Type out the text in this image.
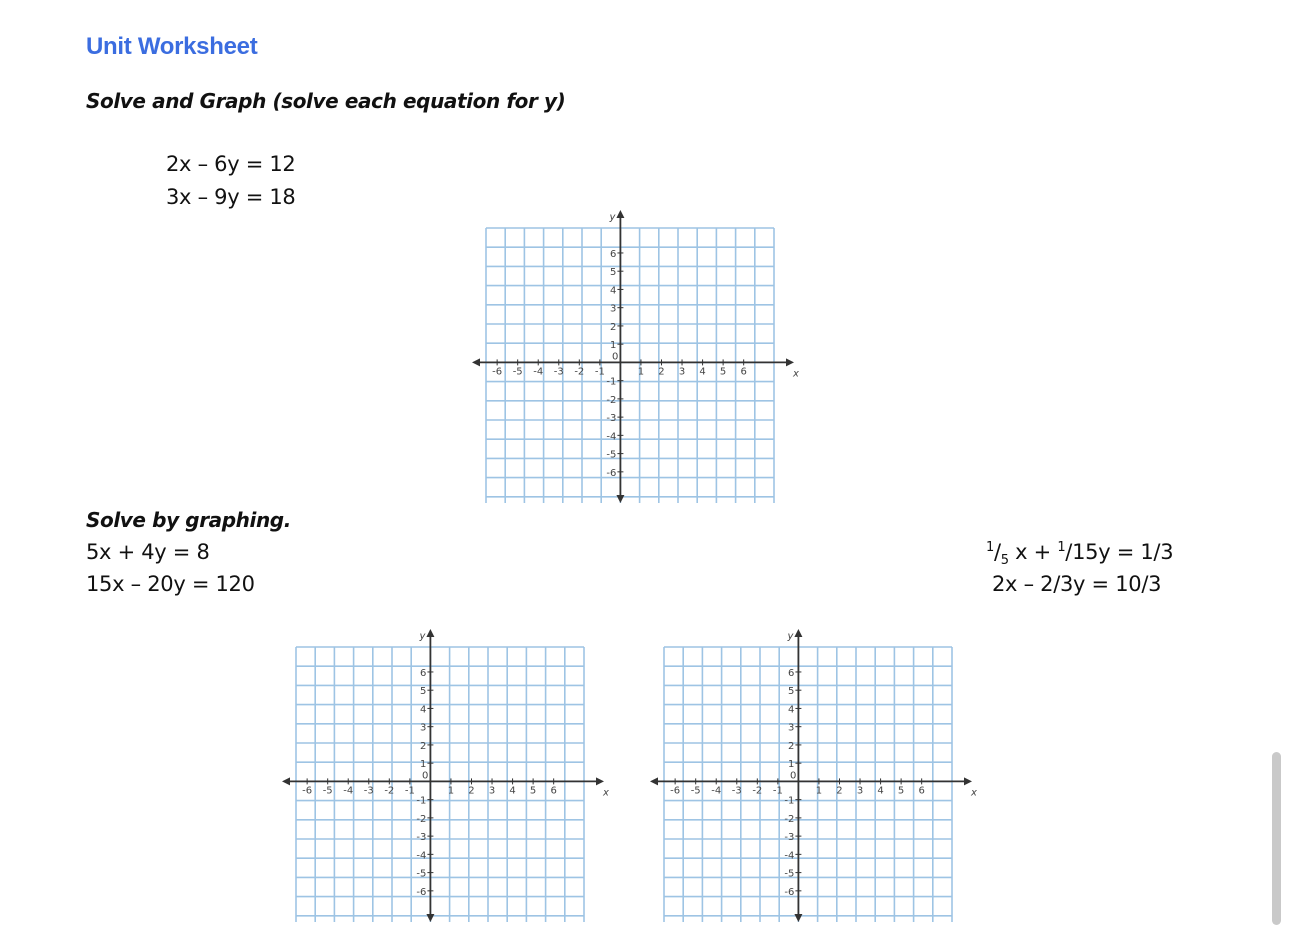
Unit Worksheet
Solve and Graph (solve each equation for y)
2x – 6y = 12
3x – 9y = 18
-6 -5 -4 -3 -2 -1	1 2 3 4 5 6
6
5
4
3
2
1
-1
-2
-3
-4
-5
-6
0
x
y
Solve by graphing.
5x + 4y = 8
15x – 20y = 120
$^1/_5$ x + $^1$/15y = 1/3
2x – 2/3y = 10/3
-6 -5 -4 -3 -2 -1	1 2 3 4 5 6
6
5
4
3
2
1
-1
-2
-3
-4
-5
-6
0
x
y
-6 -5 -4 -3 -2 -1	1 2 3 4 5 6
6
5
4
3
2
1
-1
-2
-3
-4
-5
-6
0
x
y
